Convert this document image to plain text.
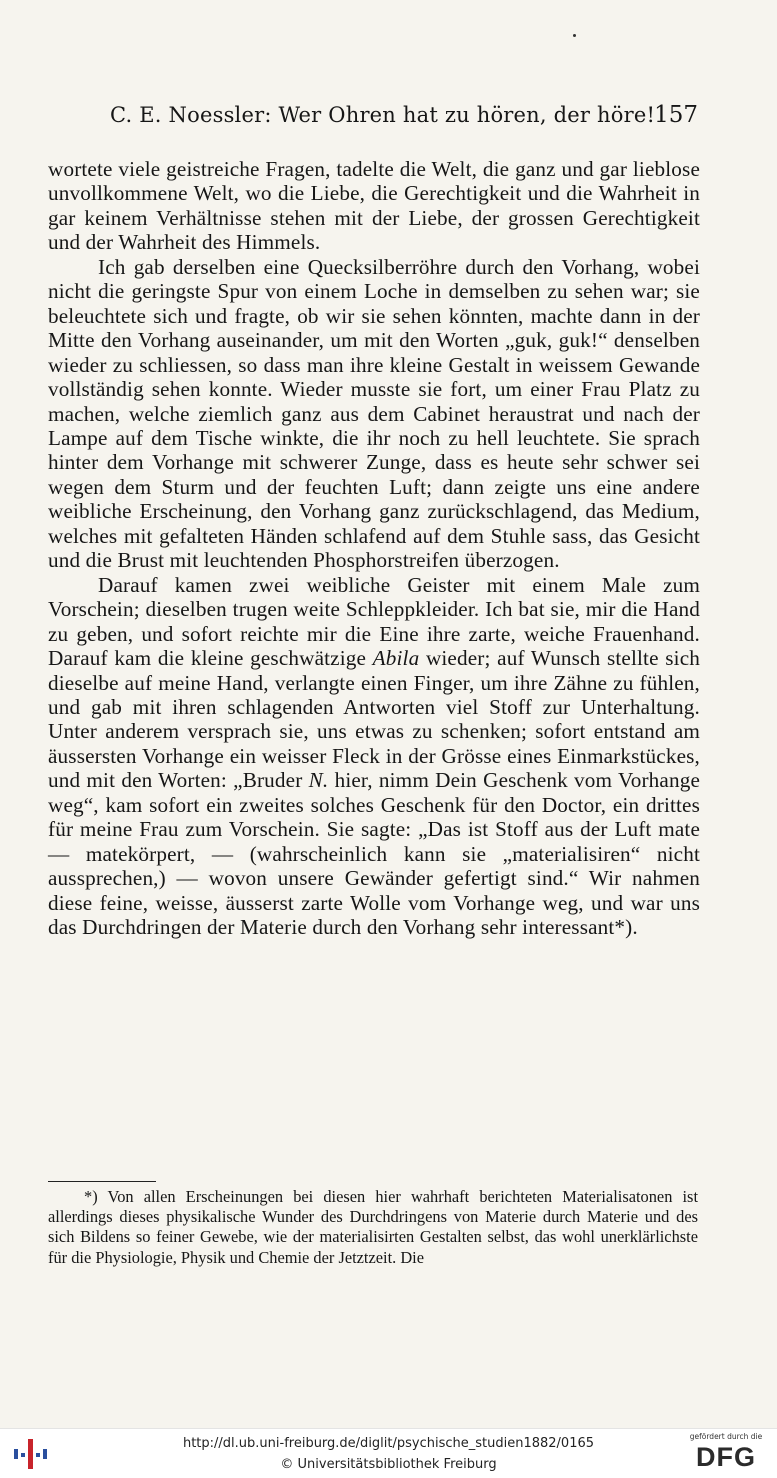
C. E. Noessler: Wer Ohren hat zu hören, der höre!
157

wortete viele geistreiche Fragen, tadelte die Welt, die ganz und gar lieblose unvollkommene Welt, wo die Liebe, die Gerechtigkeit und die Wahrheit in gar keinem Verhältnisse stehen mit der Liebe, der grossen Gerechtigkeit und der Wahrheit des Himmels.

Ich gab derselben eine Quecksilberröhre durch den Vorhang, wobei nicht die geringste Spur von einem Loche in demselben zu sehen war; sie beleuchtete sich und fragte, ob wir sie sehen könnten, machte dann in der Mitte den Vorhang auseinander, um mit den Worten „guk, guk!“ denselben wieder zu schliessen, so dass man ihre kleine Gestalt in weissem Gewande vollständig sehen konnte. Wieder musste sie fort, um einer Frau Platz zu machen, welche ziemlich ganz aus dem Cabinet heraustrat und nach der Lampe auf dem Tische winkte, die ihr noch zu hell leuchtete. Sie sprach hinter dem Vorhange mit schwerer Zunge, dass es heute sehr schwer sei wegen dem Sturm und der feuchten Luft; dann zeigte uns eine andere weibliche Erscheinung, den Vorhang ganz zurückschlagend, das Medium, welches mit gefalteten Händen schlafend auf dem Stuhle sass, das Gesicht und die Brust mit leuchtenden Phosphorstreifen überzogen.

Darauf kamen zwei weibliche Geister mit einem Male zum Vorschein; dieselben trugen weite Schleppkleider. Ich bat sie, mir die Hand zu geben, und sofort reichte mir die Eine ihre zarte, weiche Frauenhand. Darauf kam die kleine geschwätzige Abila wieder; auf Wunsch stellte sich dieselbe auf meine Hand, verlangte einen Finger, um ihre Zähne zu fühlen, und gab mit ihren schlagenden Antworten viel Stoff zur Unterhaltung. Unter anderem versprach sie, uns etwas zu schenken; sofort entstand am äussersten Vorhange ein weisser Fleck in der Grösse eines Einmarkstückes, und mit den Worten: „Bruder N. hier, nimm Dein Geschenk vom Vorhange weg“, kam sofort ein zweites solches Geschenk für den Doctor, ein drittes für meine Frau zum Vorschein. Sie sagte: „Das ist Stoff aus der Luft mate — matekörpert, — (wahrscheinlich kann sie „materialisiren“ nicht aussprechen,) — wovon unsere Gewänder gefertigt sind.“ Wir nahmen diese feine, weisse, äusserst zarte Wolle vom Vorhange weg, und war uns das Durchdringen der Materie durch den Vorhang sehr interessant*).

*) Von allen Erscheinungen bei diesen hier wahrhaft berichteten Materialisatonen ist allerdings dieses physikalische Wunder des Durchdringens von Materie durch Materie und des sich Bildens so feiner Gewebe, wie der materialisirten Gestalten selbst, das wohl unerklärlichste für die Physiologie, Physik und Chemie der Jetztzeit. Die

http://dl.ub.uni-freiburg.de/diglit/psychische_studien1882/0165
© Universitätsbibliothek Freiburg
gefördert durch die
DFG
